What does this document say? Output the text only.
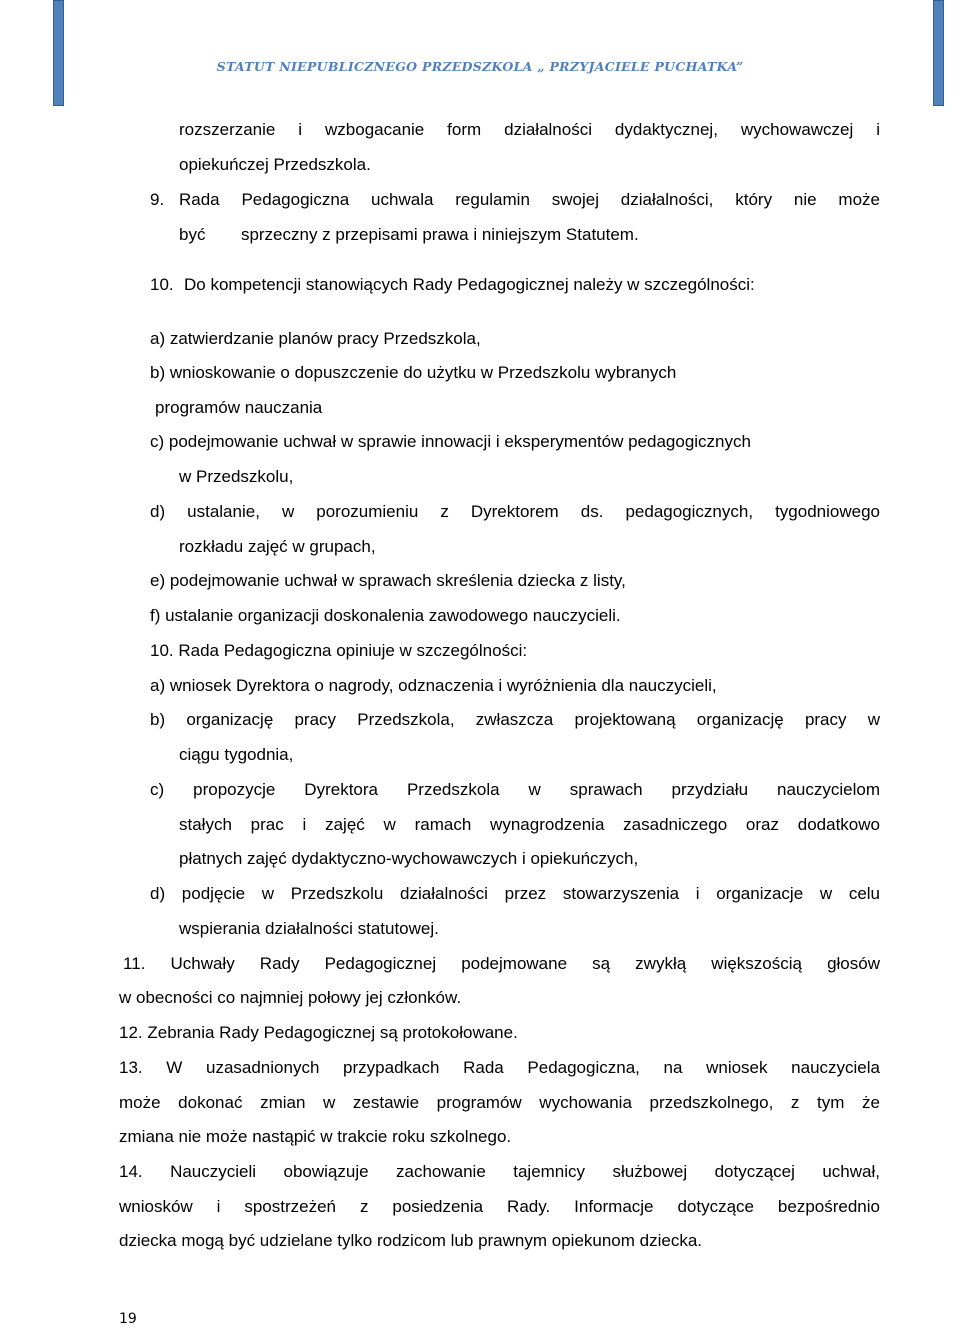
STATUT NIEPUBLICZNEGO PRZEDSZKOLA „ PRZYJACIELE PUCHATKA”
rozszerzanie i wzbogacanie form działalności dydaktycznej, wychowawczej i
opiekuńczej Przedszkola.
9. Rada Pedagogiczna uchwala regulamin swojej działalności, który nie może
być sprzeczny z przepisami prawa i niniejszym Statutem.
10. Do kompetencji stanowiących Rady Pedagogicznej należy w szczególności:
a) zatwierdzanie planów pracy Przedszkola,
b) wnioskowanie o dopuszczenie do użytku w Przedszkolu wybranych
programów nauczania
c) podejmowanie uchwał w sprawie innowacji i eksperymentów pedagogicznych
w Przedszkolu,
d) ustalanie, w porozumieniu z Dyrektorem ds. pedagogicznych, tygodniowego
rozkładu zajęć w grupach,
e) podejmowanie uchwał w sprawach skreślenia dziecka z listy,
f) ustalanie organizacji doskonalenia zawodowego nauczycieli.
10. Rada Pedagogiczna opiniuje w szczególności:
a) wniosek Dyrektora o nagrody, odznaczenia i wyróżnienia dla nauczycieli,
b) organizację pracy Przedszkola, zwłaszcza projektowaną organizację pracy w
ciągu tygodnia,
c) propozycje Dyrektora Przedszkola w sprawach przydziału nauczycielom
stałych prac i zajęć w ramach wynagrodzenia zasadniczego oraz dodatkowo
płatnych zajęć dydaktyczno-wychowawczych i opiekuńczych,
d) podjęcie w Przedszkolu działalności przez stowarzyszenia i organizacje w celu
wspierania działalności statutowej.
11. Uchwały Rady Pedagogicznej podejmowane są zwykłą większością głosów
w obecności co najmniej połowy jej członków.
12. Zebrania Rady Pedagogicznej są protokołowane.
13. W uzasadnionych przypadkach Rada Pedagogiczna, na wniosek nauczyciela
może dokonać zmian w zestawie programów wychowania przedszkolnego, z tym że
zmiana nie może nastąpić w trakcie roku szkolnego.
14. Nauczycieli obowiązuje zachowanie tajemnicy służbowej dotyczącej uchwał,
wniosków i spostrzeżeń z posiedzenia Rady. Informacje dotyczące bezpośrednio
dziecka mogą być udzielane tylko rodzicom lub prawnym opiekunom dziecka.
19
